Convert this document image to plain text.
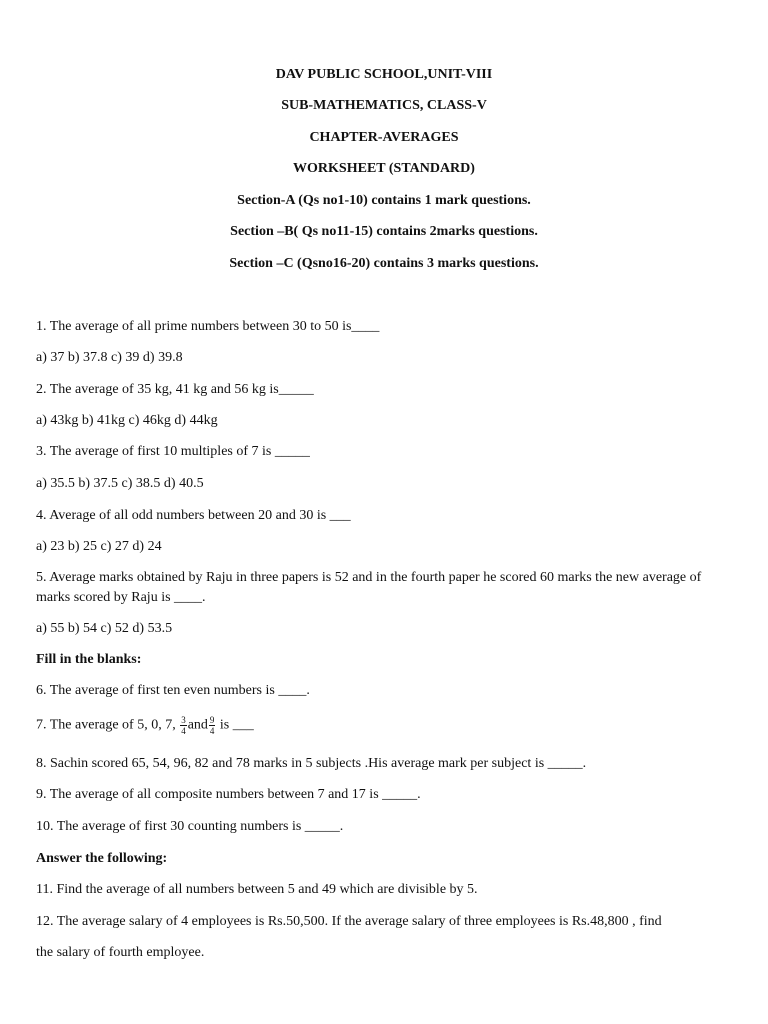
DAV PUBLIC SCHOOL,UNIT-VIII
SUB-MATHEMATICS, CLASS-V
CHAPTER-AVERAGES
WORKSHEET (STANDARD)
Section-A (Qs no1-10) contains 1 mark questions.
Section –B( Qs no11-15) contains 2marks questions.
Section –C (Qsno16-20) contains 3 marks questions.
1. The average of all prime numbers between 30 to 50 is____
a) 37 b) 37.8 c) 39 d) 39.8
2. The average of 35 kg, 41 kg and 56 kg is_____
a) 43kg b) 41kg c) 46kg d) 44kg
3. The average of first 10 multiples of 7 is _____
a) 35.5 b) 37.5 c) 38.5 d) 40.5
4. Average of all odd numbers between 20 and 30 is ___
a) 23 b) 25 c) 27 d) 24
5. Average marks obtained by Raju in three papers is 52 and in the fourth paper he scored 60 marks the new average of marks scored by Raju is ____.
a) 55 b) 54 c) 52 d) 53.5
Fill in the blanks:
6. The average of first ten even numbers is ____.
7. The average of 5, 0, 7, $\frac{3}{4}$ and $\frac{9}{4}$ is ___
8. Sachin scored 65, 54, 96, 82 and 78 marks in 5 subjects .His average mark per subject is _____.
9. The average of all composite numbers between 7 and 17 is _____.
10. The average of first 30 counting numbers is _____.
Answer the following:
11. Find the average of all numbers between 5 and 49 which are divisible by 5.
12. The average salary of 4 employees is Rs.50,500. If the average salary of three employees is Rs.48,800 , find
the salary of fourth employee.
